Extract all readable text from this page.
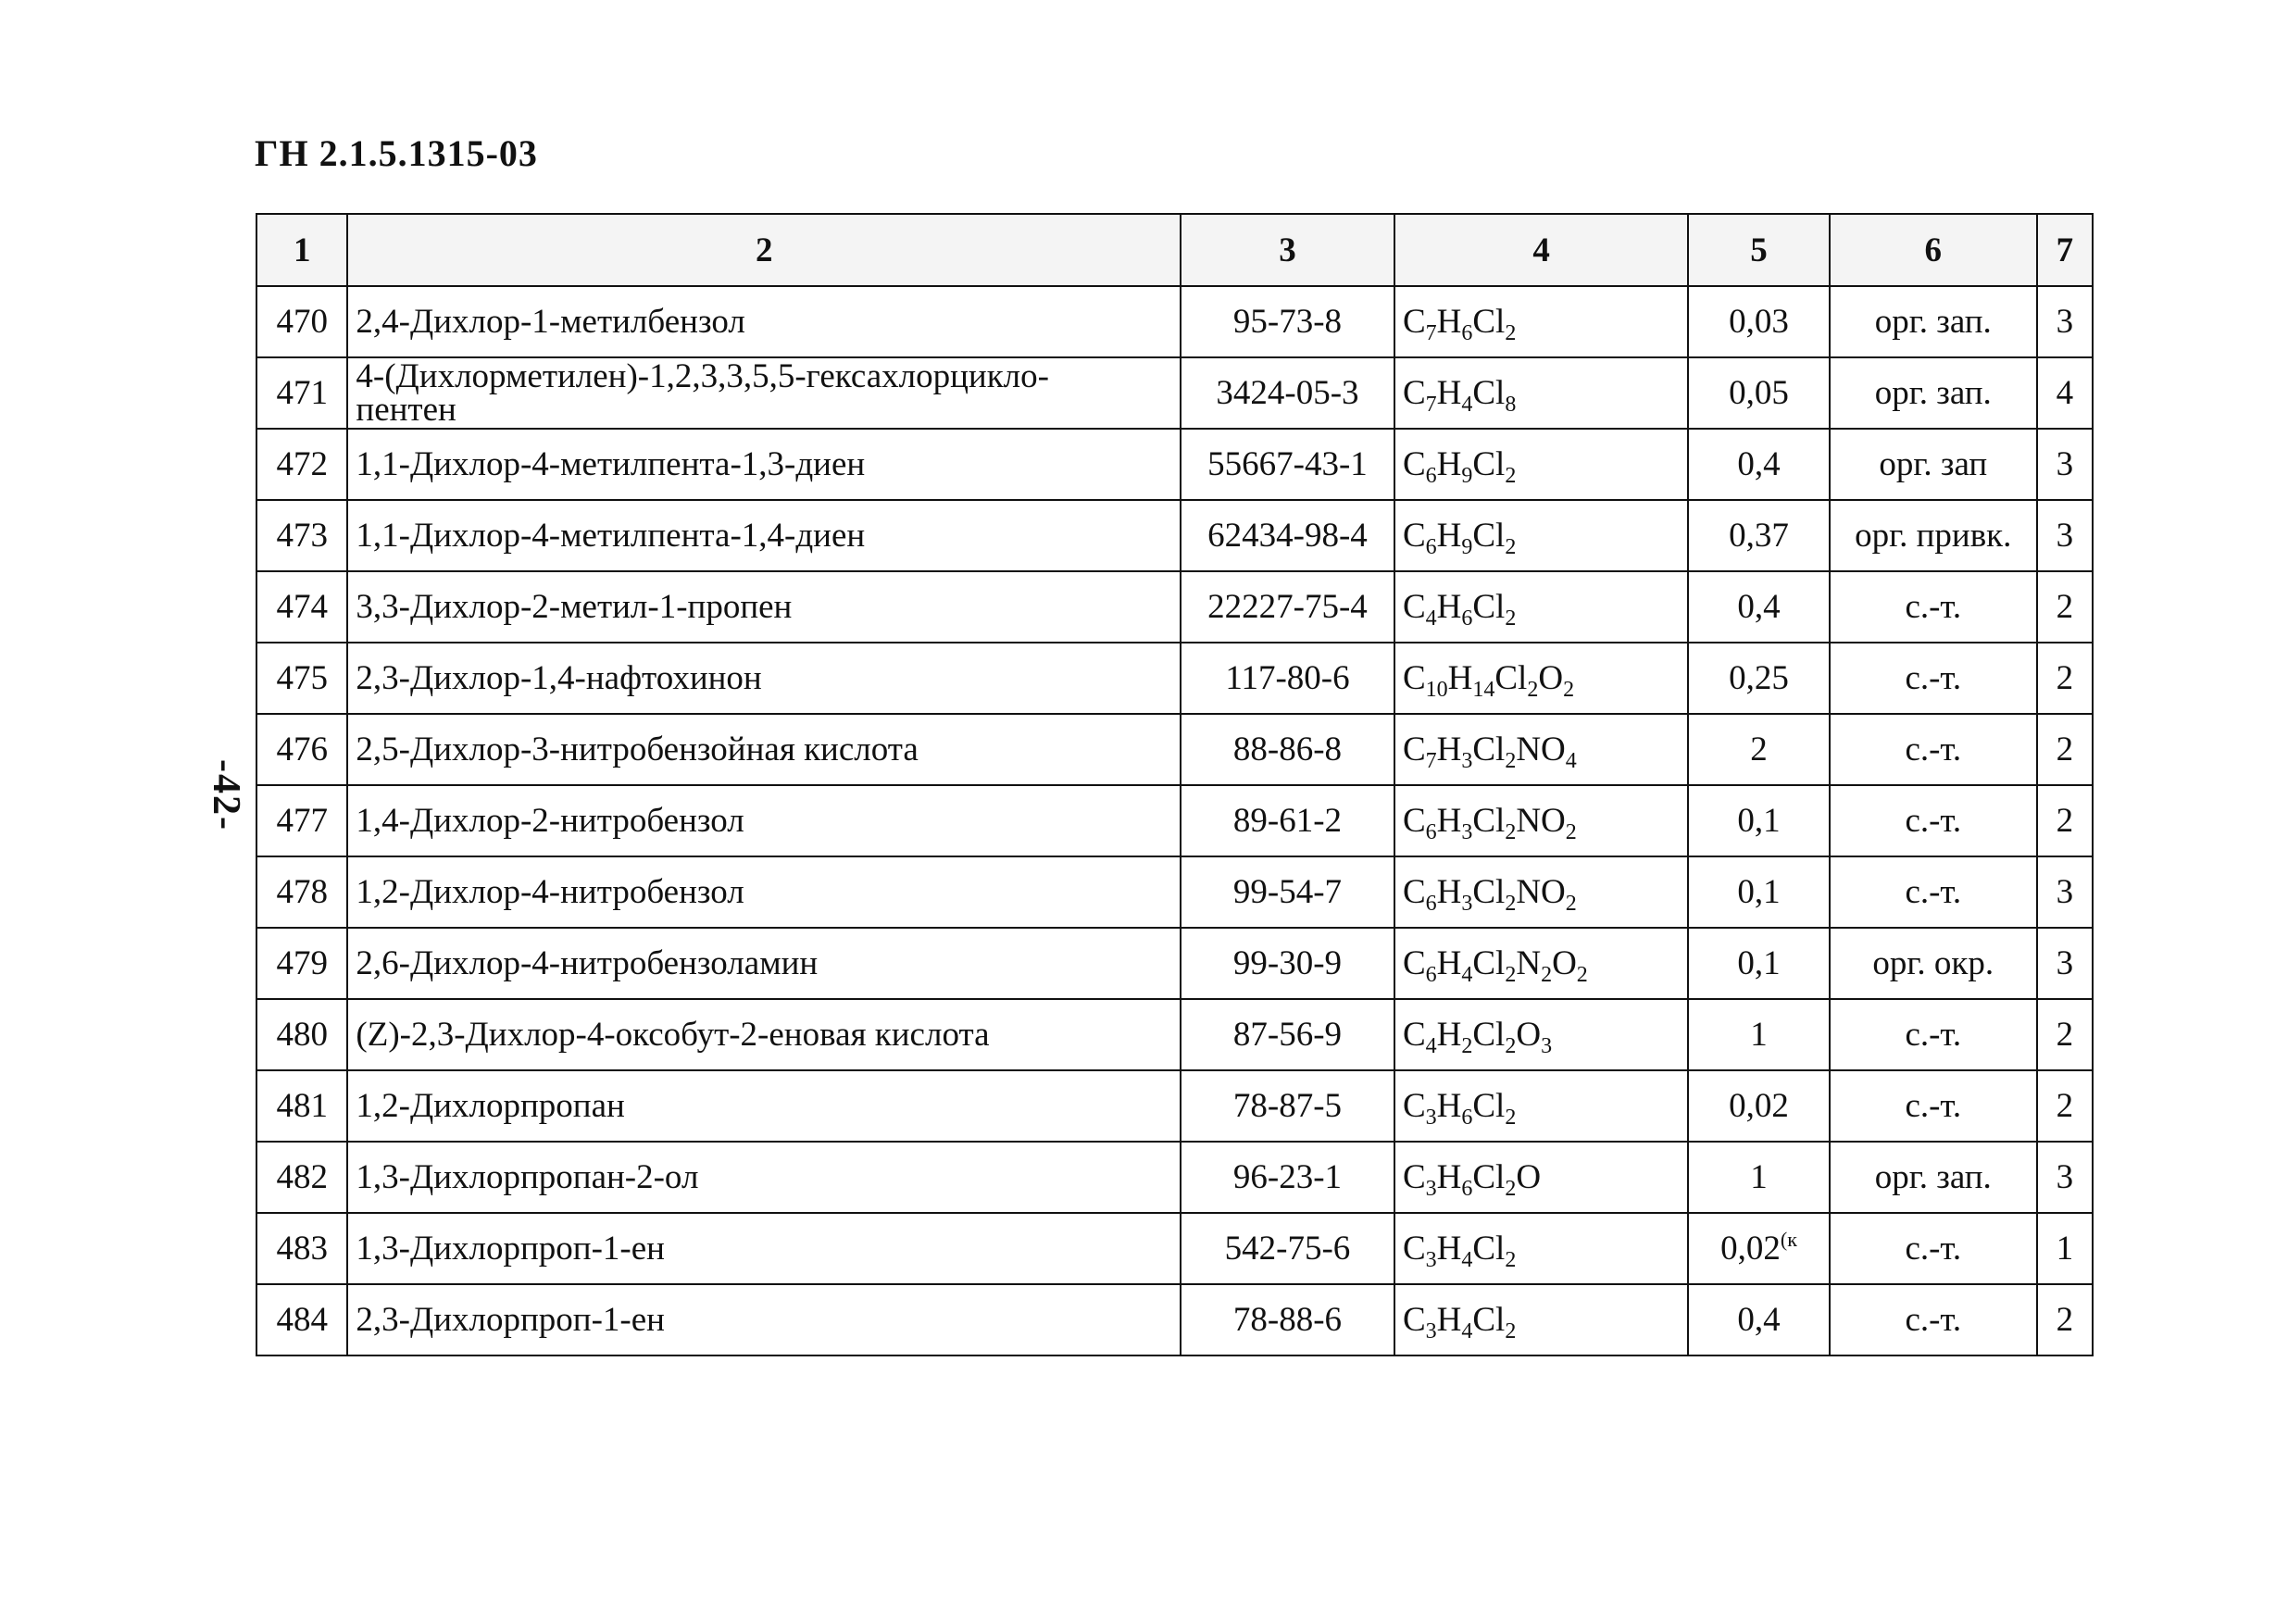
ГН 2.1.5.1315-03
-42-
1	2	3	4	5	6	7
470	2,4-Дихлор-1-метилбензол	95-73-8	$C_7H_6Cl_2$	0,03	орг. зап.	3
471	4-(Дихлорметилен)-1,2,3,3,5,5-гексахлорцикло-
пентен	3424-05-3	$C_7H_4Cl_8$	0,05	орг. зап.	4
472	1,1-Дихлор-4-метилпента-1,3-диен	55667-43-1	$C_6H_9Cl_2$	0,4	орг. зап	3
473	1,1-Дихлор-4-метилпента-1,4-диен	62434-98-4	$C_6H_9Cl_2$	0,37	орг. привк.	3
474	3,3-Дихлор-2-метил-1-пропен	22227-75-4	$C_4H_6Cl_2$	0,4	с.-т.	2
475	2,3-Дихлор-1,4-нафтохинон	117-80-6	$C_{10}H_{14}Cl_2O_2$	0,25	с.-т.	2
476	2,5-Дихлор-3-нитробензойная кислота	88-86-8	$C_7H_3Cl_2NO_4$	2	с.-т.	2
477	1,4-Дихлор-2-нитробензол	89-61-2	$C_6H_3Cl_2NO_2$	0,1	с.-т.	2
478	1,2-Дихлор-4-нитробензол	99-54-7	$C_6H_3Cl_2NO_2$	0,1	с.-т.	3
479	2,6-Дихлор-4-нитробензоламин	99-30-9	$C_6H_4Cl_2N_2O_2$	0,1	орг. окр.	3
480	(Z)-2,3-Дихлор-4-оксобут-2-еновая кислота	87-56-9	$C_4H_2Cl_2O_3$	1	с.-т.	2
481	1,2-Дихлорпропан	78-87-5	$C_3H_6Cl_2$	0,02	с.-т.	2
482	1,3-Дихлорпропан-2-ол	96-23-1	$C_3H_6Cl_2O$	1	орг. зап.	3
483	1,3-Дихлорпроп-1-ен	542-75-6	$C_3H_4Cl_2$	$0,02^{(к}$	с.-т.	1
484	2,3-Дихлорпроп-1-ен	78-88-6	$C_3H_4Cl_2$	0,4	с.-т.	2
